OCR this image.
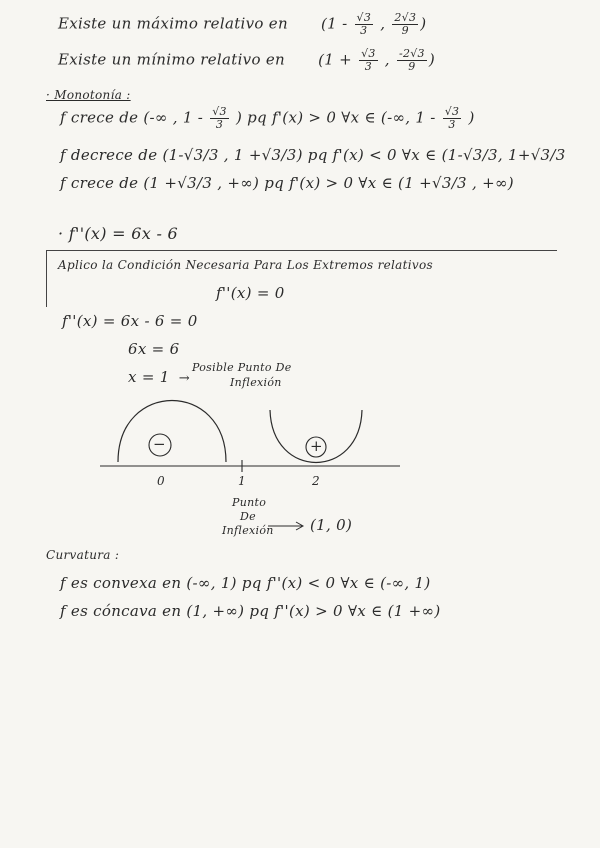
Existe un máximo relativo en ($1 - \frac{√3}{3}$ , $\frac{2√3}{9}$ )
Existe un mínimo relativo en ($1 + \frac{√3}{3}$ , $\frac{-2√3}{9}$ )
· Monotonía :
f crece de (-∞ , $1 - \frac{√3}{3}$ ) pq f'(x) > 0 ∀x ∈ (-∞, $1 - \frac{√3}{3}$ )
f decrece de (1-√3/3 , 1 +√3/3) pq f'(x) < 0 ∀x ∈ (1-√3/3, 1+√3/3
f crece de (1 +√3/3 , +∞) pq f'(x) > 0 ∀x ∈ (1 +√3/3 , +∞)
· f''(x) = 6x - 6
Aplico la Condición Necesaria Para Los Extremos relativos
f''(x) = 0
f''(x) = 6x - 6 = 0
6x = 6
x = 1 →
Posible Punto De
Inflexión
−	+
0	1	2
Punto
De
Inflexión (1, 0)
Curvatura :
f es convexa en (-∞, 1) pq f''(x) < 0 ∀x ∈ (-∞, 1)
f es cóncava en (1, +∞) pq f''(x) > 0 ∀x ∈ (1 +∞)
